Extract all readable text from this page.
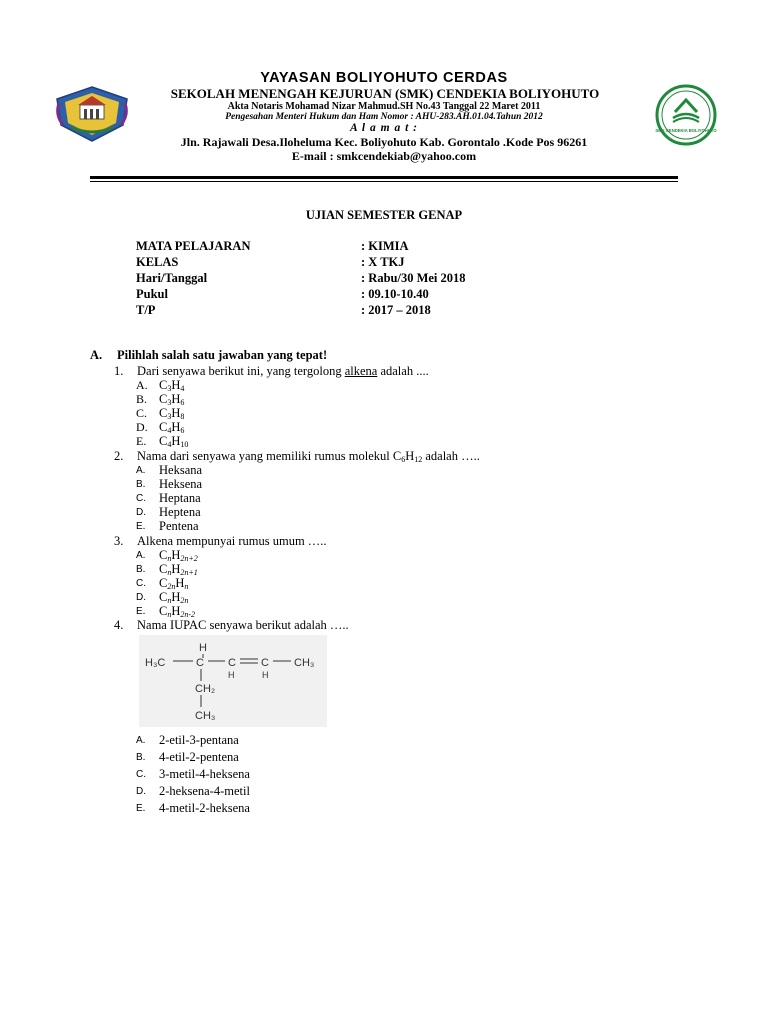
SMK CENDEKIA BOLIYOHUTO
YAYASAN BOLIYOHUTO CERDAS
SEKOLAH MENENGAH KEJURUAN (SMK) CENDEKIA BOLIYOHUTO
Akta Notaris Mohamad Nizar Mahmud.SH No.43 Tanggal 22 Maret 2011
Pengesahan Menteri Hukum dan Ham Nomor : AHU-283.AH.01.04.Tahun 2012
A l a m a t :
Jln. Rajawali Desa.Iloheluma Kec. Boliyohuto Kab. Gorontalo .Kode Pos 96261
E-mail : smkcendekiab@yahoo.com
UJIAN SEMESTER GENAP
MATA PELAJARAN	: KIMIA
KELAS	: X TKJ
Hari/Tanggal	: Rabu/30 Mei 2018
Pukul	: 09.10-10.40
T/P	: 2017 – 2018
A. Pilihlah salah satu jawaban yang tepat!
1. Dari senyawa berikut ini, yang tergolong alkena adalah ....
A. $C_3H_4$
B. $C_3H_6$
C. $C_3H_8$
D. $C_4H_6$
E. $C_4H_{10}$
2. Nama dari senyawa yang memiliki rumus molekul $C_6H_{12}$ adalah …..
A. Heksana
B. Heksena
C. Heptana
D. Heptena
E. Pentena
3. Alkena mempunyai rumus umum …..
A. $C_nH_{2n+2}$
B. $C_nH_{2n+1}$
C. $C_{2n}H_n$
D. $C_nH_{2n}$
E. $C_nH_{2n-2}$
4. Nama IUPAC senyawa berikut adalah …..
H
H₃C	C C C CH₃
H	H
CH₂
CH₃
A. 2-etil-3-pentana
B. 4-etil-2-pentena
C. 3-metil-4-heksena
D. 2-heksena-4-metil
E. 4-metil-2-heksena
